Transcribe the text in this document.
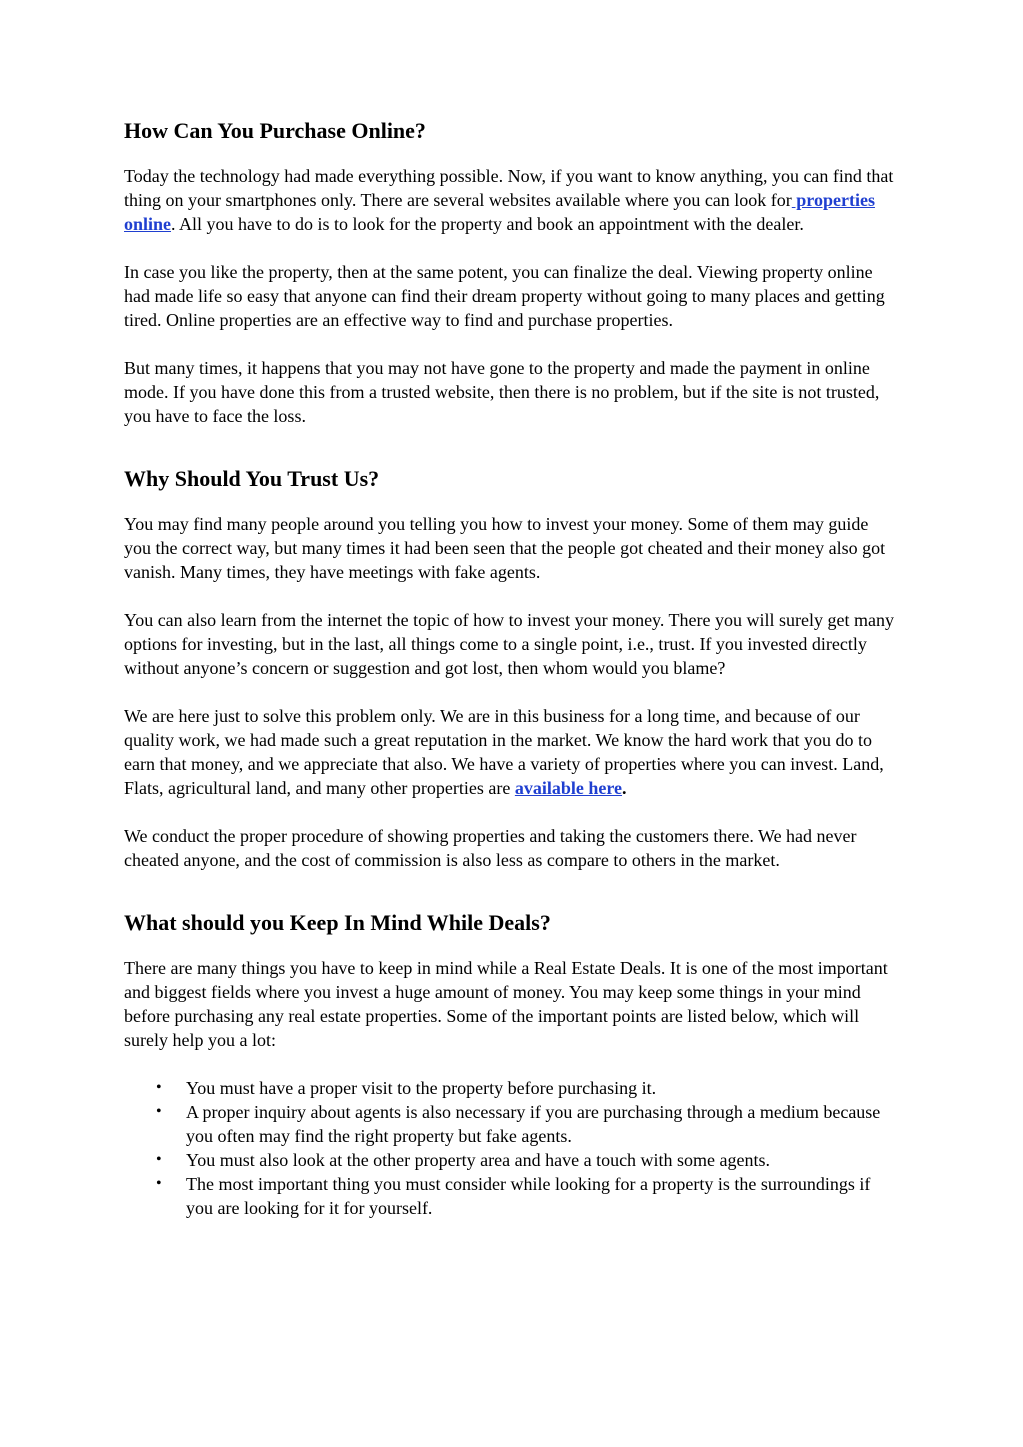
How Can You Purchase Online?

Today the technology had made everything possible. Now, if you want to know anything, you can find that thing on your smartphones only. There are several websites available where you can look for properties online. All you have to do is to look for the property and book an appointment with the dealer.

In case you like the property, then at the same potent, you can finalize the deal. Viewing property online had made life so easy that anyone can find their dream property without going to many places and getting tired. Online properties are an effective way to find and purchase properties.

But many times, it happens that you may not have gone to the property and made the payment in online mode. If you have done this from a trusted website, then there is no problem, but if the site is not trusted, you have to face the loss.

Why Should You Trust Us?

You may find many people around you telling you how to invest your money. Some of them may guide you the correct way, but many times it had been seen that the people got cheated and their money also got vanish. Many times, they have meetings with fake agents.

You can also learn from the internet the topic of how to invest your money. There you will surely get many options for investing, but in the last, all things come to a single point, i.e., trust. If you invested directly without anyone’s concern or suggestion and got lost, then whom would you blame?

We are here just to solve this problem only. We are in this business for a long time, and because of our quality work, we had made such a great reputation in the market. We know the hard work that you do to earn that money, and we appreciate that also. We have a variety of properties where you can invest. Land, Flats, agricultural land, and many other properties are available here.

We conduct the proper procedure of showing properties and taking the customers there. We had never cheated anyone, and the cost of commission is also less as compare to others in the market.

What should you Keep In Mind While Deals?

There are many things you have to keep in mind while a Real Estate Deals. It is one of the most important and biggest fields where you invest a huge amount of money. You may keep some things in your mind before purchasing any real estate properties. Some of the important points are listed below, which will surely help you a lot:

• You must have a proper visit to the property before purchasing it.
• A proper inquiry about agents is also necessary if you are purchasing through a medium because you often may find the right property but fake agents.
• You must also look at the other property area and have a touch with some agents.
• The most important thing you must consider while looking for a property is the surroundings if you are looking for it for yourself.
